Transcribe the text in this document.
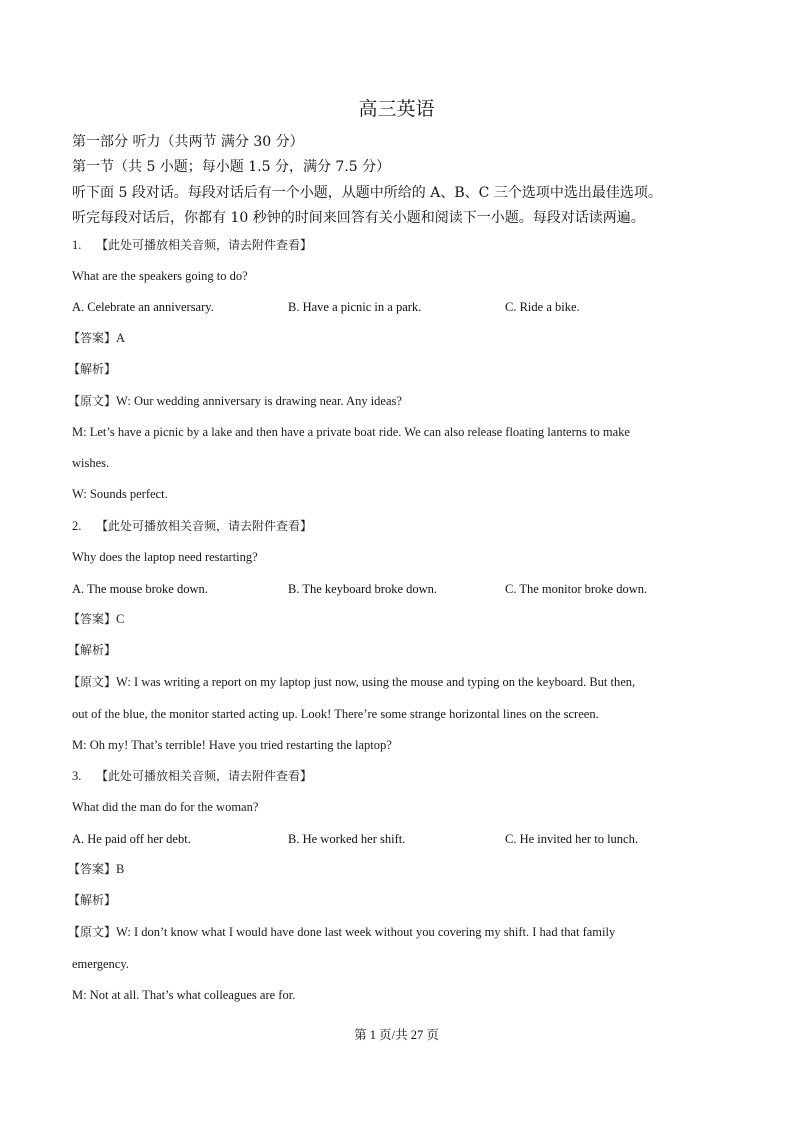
高三英语
第一部分 听力（共两节 满分 30 分）
第一节（共 5 小题；每小题 1.5 分，满分 7.5 分）
听下面 5 段对话。每段对话后有一个小题，从题中所给的 A、B、C 三个选项中选出最佳选项。
听完每段对话后，你都有 10 秒钟的时间来回答有关小题和阅读下一小题。每段对话读两遍。
1. 【此处可播放相关音频，请去附件查看】
What are the speakers going to do?
A. Celebrate an anniversary.	B. Have a picnic in a park.	C. Ride a bike.
【答案】A
【解析】
【原文】W: Our wedding anniversary is drawing near. Any ideas?
M: Let’s have a picnic by a lake and then have a private boat ride. We can also release floating lanterns to make
wishes.
W: Sounds perfect.
2. 【此处可播放相关音频，请去附件查看】
Why does the laptop need restarting?
A. The mouse broke down.	B. The keyboard broke down.	C. The monitor broke down.
【答案】C
【解析】
【原文】W: I was writing a report on my laptop just now, using the mouse and typing on the keyboard. But then,
out of the blue, the monitor started acting up. Look! There’re some strange horizontal lines on the screen.
M: Oh my! That’s terrible! Have you tried restarting the laptop?
3. 【此处可播放相关音频，请去附件查看】
What did the man do for the woman?
A. He paid off her debt.	B. He worked her shift.	C. He invited her to lunch.
【答案】B
【解析】
【原文】W: I don’t know what I would have done last week without you covering my shift. I had that family
emergency.
M: Not at all. That’s what colleagues are for.
第 1 页/共 27 页
